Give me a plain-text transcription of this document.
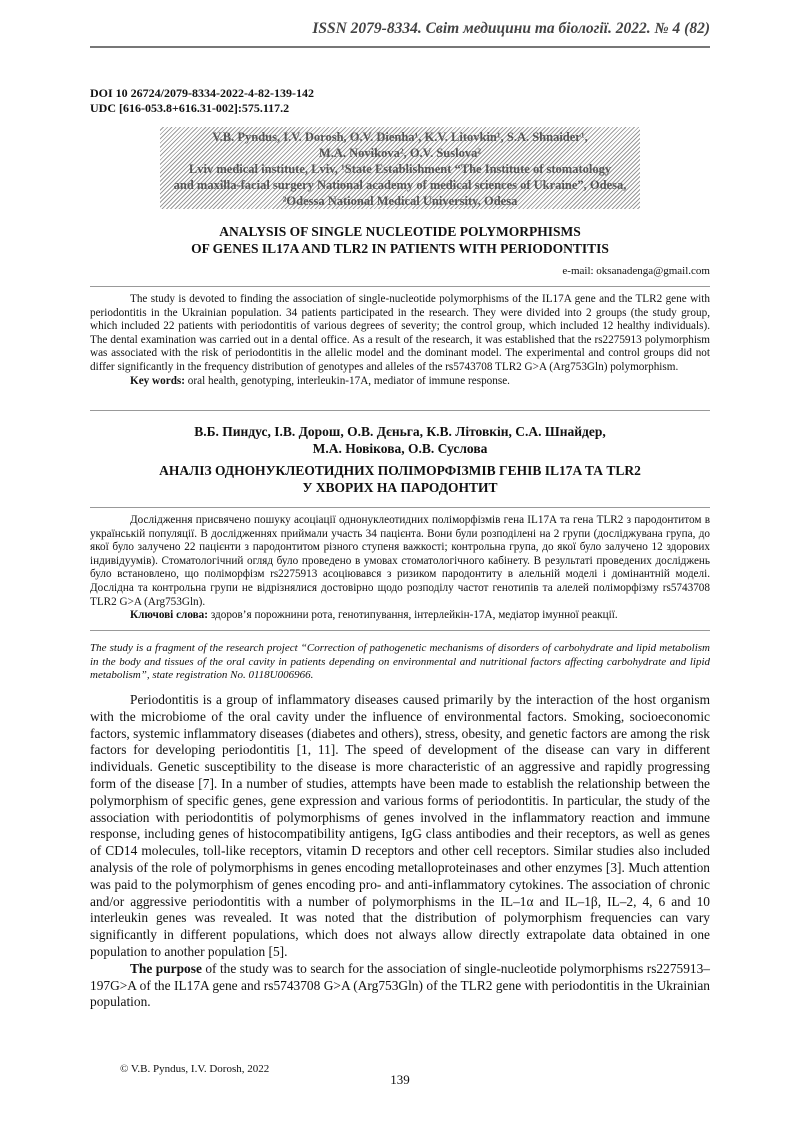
ISSN 2079-8334. Світ медицини та біології. 2022. № 4 (82)
DOI 10 26724/2079-8334-2022-4-82-139-142
UDC [616-053.8+616.31-002]:575.117.2
V.B. Pyndus, I.V. Dorosh, O.V. Dienha¹, K.V. Litovkin¹, S.A. Shnaider¹,
M.A. Novikova², O.V. Suslova²
Lviv medical institute, Lviv, ¹State Establishment “The Institute of stomatology
and maxilla-facial surgery National academy of medical sciences of Ukraine”, Odesa,
²Odessa National Medical University, Odesa
ANALYSIS OF SINGLE NUCLEOTIDE POLYMORPHISMS
OF GENES IL17A AND TLR2 IN PATIENTS WITH PERIODONTITIS
e-mail: oksanadenga@gmail.com

The study is devoted to finding the association of single-nucleotide polymorphisms of the IL17A gene and the TLR2 gene with periodontitis in the Ukrainian population. 34 patients participated in the research. They were divided into 2 groups (the study group, which included 22 patients with periodontitis of various degrees of severity; the control group, which included 12 healthy individuals). The dental examination was carried out in a dental office. As a result of the research, it was established that the rs2275913 polymorphism was associated with the risk of periodontitis in the allelic model and the dominant model. The experimental and control groups did not differ significantly in the frequency distribution of genotypes and alleles of the rs5743708 TLR2 G>A (Arg753Gln) polymorphism.

Key words: oral health, genotyping, interleukin-17A, mediator of immune response.

В.Б. Пиндус, І.В. Дорош, О.В. Дєньга, К.В. Літовкін, С.А. Шнайдер,
М.А. Новікова, О.В. Суслова
АНАЛІЗ ОДНОНУКЛЕОТИДНИХ ПОЛІМОРФІЗМІВ ГЕНІВ IL17A ТА TLR2
У ХВОРИХ НА ПАРОДОНТИТ

Дослідження присвячено пошуку асоціації однонуклеотидних поліморфізмів гена IL17A та гена TLR2 з пародонтитом в українській популяції. В дослідженнях приймали участь 34 пацієнта. Вони були розподілені на 2 групи (досліджувана група, до якої було залучено 22 пацієнти з пародонтитом різного ступеня важкості; контрольна група, до якої було залучено 12 здорових індивідуумів). Стоматологічний огляд було проведено в умовах стоматологічного кабінету. В результаті проведених досліджень було встановлено, що поліморфізм rs2275913 асоціювався з ризиком пародонтиту в алельній моделі і домінантній моделі. Дослідна та контрольна групи не відрізнялися достовірно щодо розподілу частот генотипів та алелей поліморфізму rs5743708 TLR2 G>A (Arg753Gln).

Ключові слова: здоров’я порожнини рота, генотипування, інтерлейкін-17А, медіатор імунної реакції.

The study is a fragment of the research project “Correction of pathogenetic mechanisms of disorders of carbohydrate and lipid metabolism in the body and tissues of the oral cavity in patients depending on environmental and nutritional factors affecting carbohydrate and lipid metabolism”, state registration No. 0118U006966.

Periodontitis is a group of inflammatory diseases caused primarily by the interaction of the host organism with the microbiome of the oral cavity under the influence of environmental factors. Smoking, socioeconomic factors, systemic inflammatory diseases (diabetes and others), stress, obesity, and genetic factors are among the risk factors for developing periodontitis [1, 11]. The speed of development of the disease can vary in different individuals. Genetic susceptibility to the disease is more characteristic of an aggressive and rapidly progressing form of the disease [7]. In a number of studies, attempts have been made to establish the relationship between the polymorphism of specific genes, gene expression and various forms of periodontitis. In particular, the study of the association with periodontitis of polymorphisms of genes involved in the inflammatory reaction and immune response, including genes of histocompatibility antigens, IgG class antibodies and their receptors, as well as genes of CD14 molecules, toll-like receptors, vitamin D receptors and other cell receptors. Similar studies also included analysis of the role of polymorphisms in genes encoding metalloproteinases and other enzymes [3]. Much attention was paid to the polymorphism of genes encoding pro- and anti-inflammatory cytokines. The association of chronic and/or aggressive periodontitis with a number of polymorphisms in the IL–1α and IL–1β, IL–2, 4, 6 and 10 interleukin genes was revealed. It was noted that the distribution of polymorphism frequencies can vary significantly in different populations, which does not always allow directly extrapolate data obtained in one population to another population [5].

The purpose of the study was to search for the association of single-nucleotide polymorphisms rs2275913–197G>A of the IL17A gene and rs5743708 G>A (Arg753Gln) of the TLR2 gene with periodontitis in the Ukrainian population.

© V.B. Pyndus, I.V. Dorosh, 2022
139
